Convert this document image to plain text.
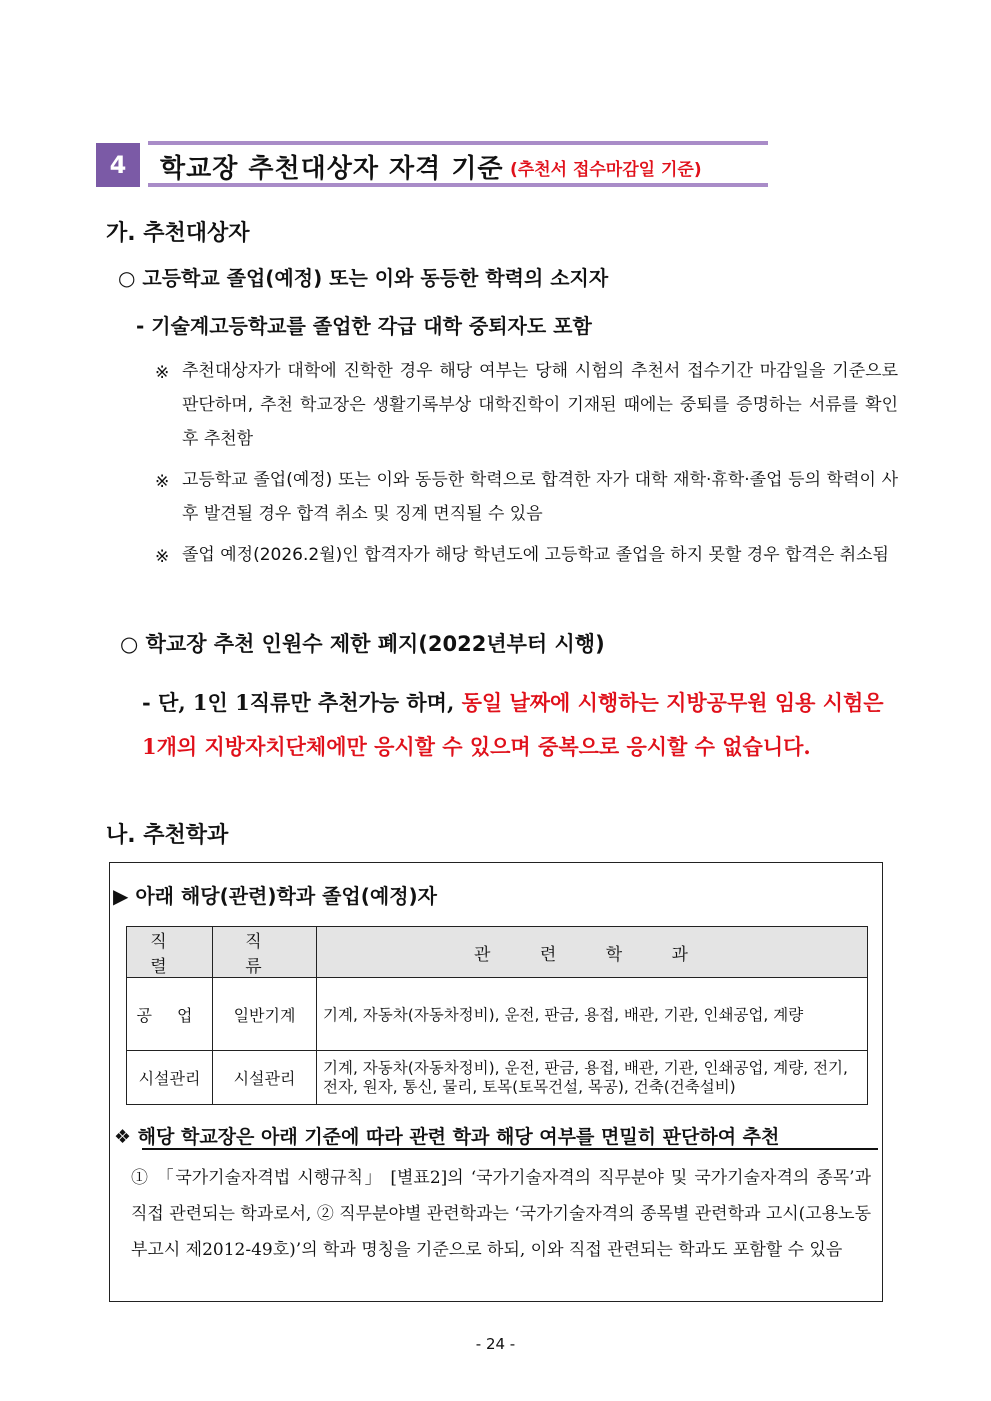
4	학교장 추천대상자 자격 기준 (추천서 접수마감일 기준)
가. 추천대상자
○ 고등학교 졸업(예정) 또는 이와 동등한 학력의 소지자
- 기술계고등학교를 졸업한 각급 대학 중퇴자도 포함
※ 추천대상자가 대학에 진학한 경우 해당 여부는 당해 시험의 추천서 접수기간 마감일을 기준으로 판단하며, 추천 학교장은 생활기록부상 대학진학이 기재된 때에는 중퇴를 증명하는 서류를 확인 후 추천함
※ 고등학교 졸업(예정) 또는 이와 동등한 학력으로 합격한 자가 대학 재학·휴학·졸업 등의 학력이 사후 발견될 경우 합격 취소 및 징계 면직될 수 있음
※ 졸업 예정(2026.2월)인 합격자가 해당 학년도에 고등학교 졸업을 하지 못할 경우 합격은 취소됨
○ 학교장 추천 인원수 제한 폐지(2022년부터 시행)
- 단, 1인 1직류만 추천가능 하며, 동일 날짜에 시행하는 지방공무원 임용 시험은 1개의 지방자치단체에만 응시할 수 있으며 중복으로 응시할 수 없습니다.
나. 추천학과
▶ 아래 해당(관련)학과 졸업(예정)자
직 렬	직 류	관 련 학 과
공 업	일반기계	기계, 자동차(자동차정비), 운전, 판금, 용접, 배관, 기관, 인쇄공업, 계량
시설관리	시설관리	기계, 자동차(자동차정비), 운전, 판금, 용접, 배관, 기관, 인쇄공업, 계량, 전기, 전자, 원자, 통신, 물리, 토목(토목건설, 목공), 건축(건축설비)
❖ 해당 학교장은 아래 기준에 따라 관련 학과 해당 여부를 면밀히 판단하여 추천
① 「국가기술자격법 시행규칙」 [별표2]의 ‘국가기술자격의 직무분야 및 국가기술자격의 종목’과 직접 관련되는 학과로서, ② 직무분야별 관련학과는 ‘국가기술자격의 종목별 관련학과 고시(고용노동부고시 제2012-49호)’의 학과 명칭을 기준으로 하되, 이와 직접 관련되는 학과도 포함할 수 있음
- 24 -
